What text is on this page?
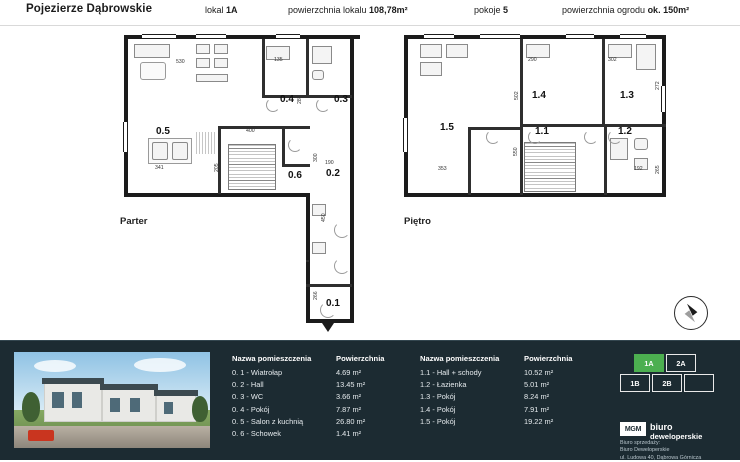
Pojezierze Dąbrowskie	lokal 1A	powierzchnia lokalu 108,78m²	pokoje 5	powierzchnia ogrodu ok. 150m²
Parter	Piętro
0.5
0.4	0.3
0.6 0.2
0.1
530	135
280
400
341
190
300
205
450
266
1.5
1.4	1.3
1.1	1.2
290	302
502
272
353
550
192 265
Nazwa pomieszczenia	Powierzchnia
0. 1 - Wiatrołap	4.69 m²
0. 2 - Hall	13.45 m²
0. 3 - WC	3.66 m²
0. 4 - Pokój	7.87 m²
0. 5 - Salon z kuchnią	26.80 m²
0. 6 - Schowek	1.41 m²
Nazwa pomieszczenia	Powierzchnia
1.1 - Hall + schody	10.52 m²
1.2 - Łazienka	5.01 m²
1.3 - Pokój	8.24 m²
1.4 - Pokój	7.91 m²
1.5 - Pokój	19.22 m²
1A	2A
1B	2B
MGM biuro
deweloperskie
Biuro sprzedaży:
Biuro Deweloperskie
ul. Ludowa 40, Dąbrowa Górnicza
